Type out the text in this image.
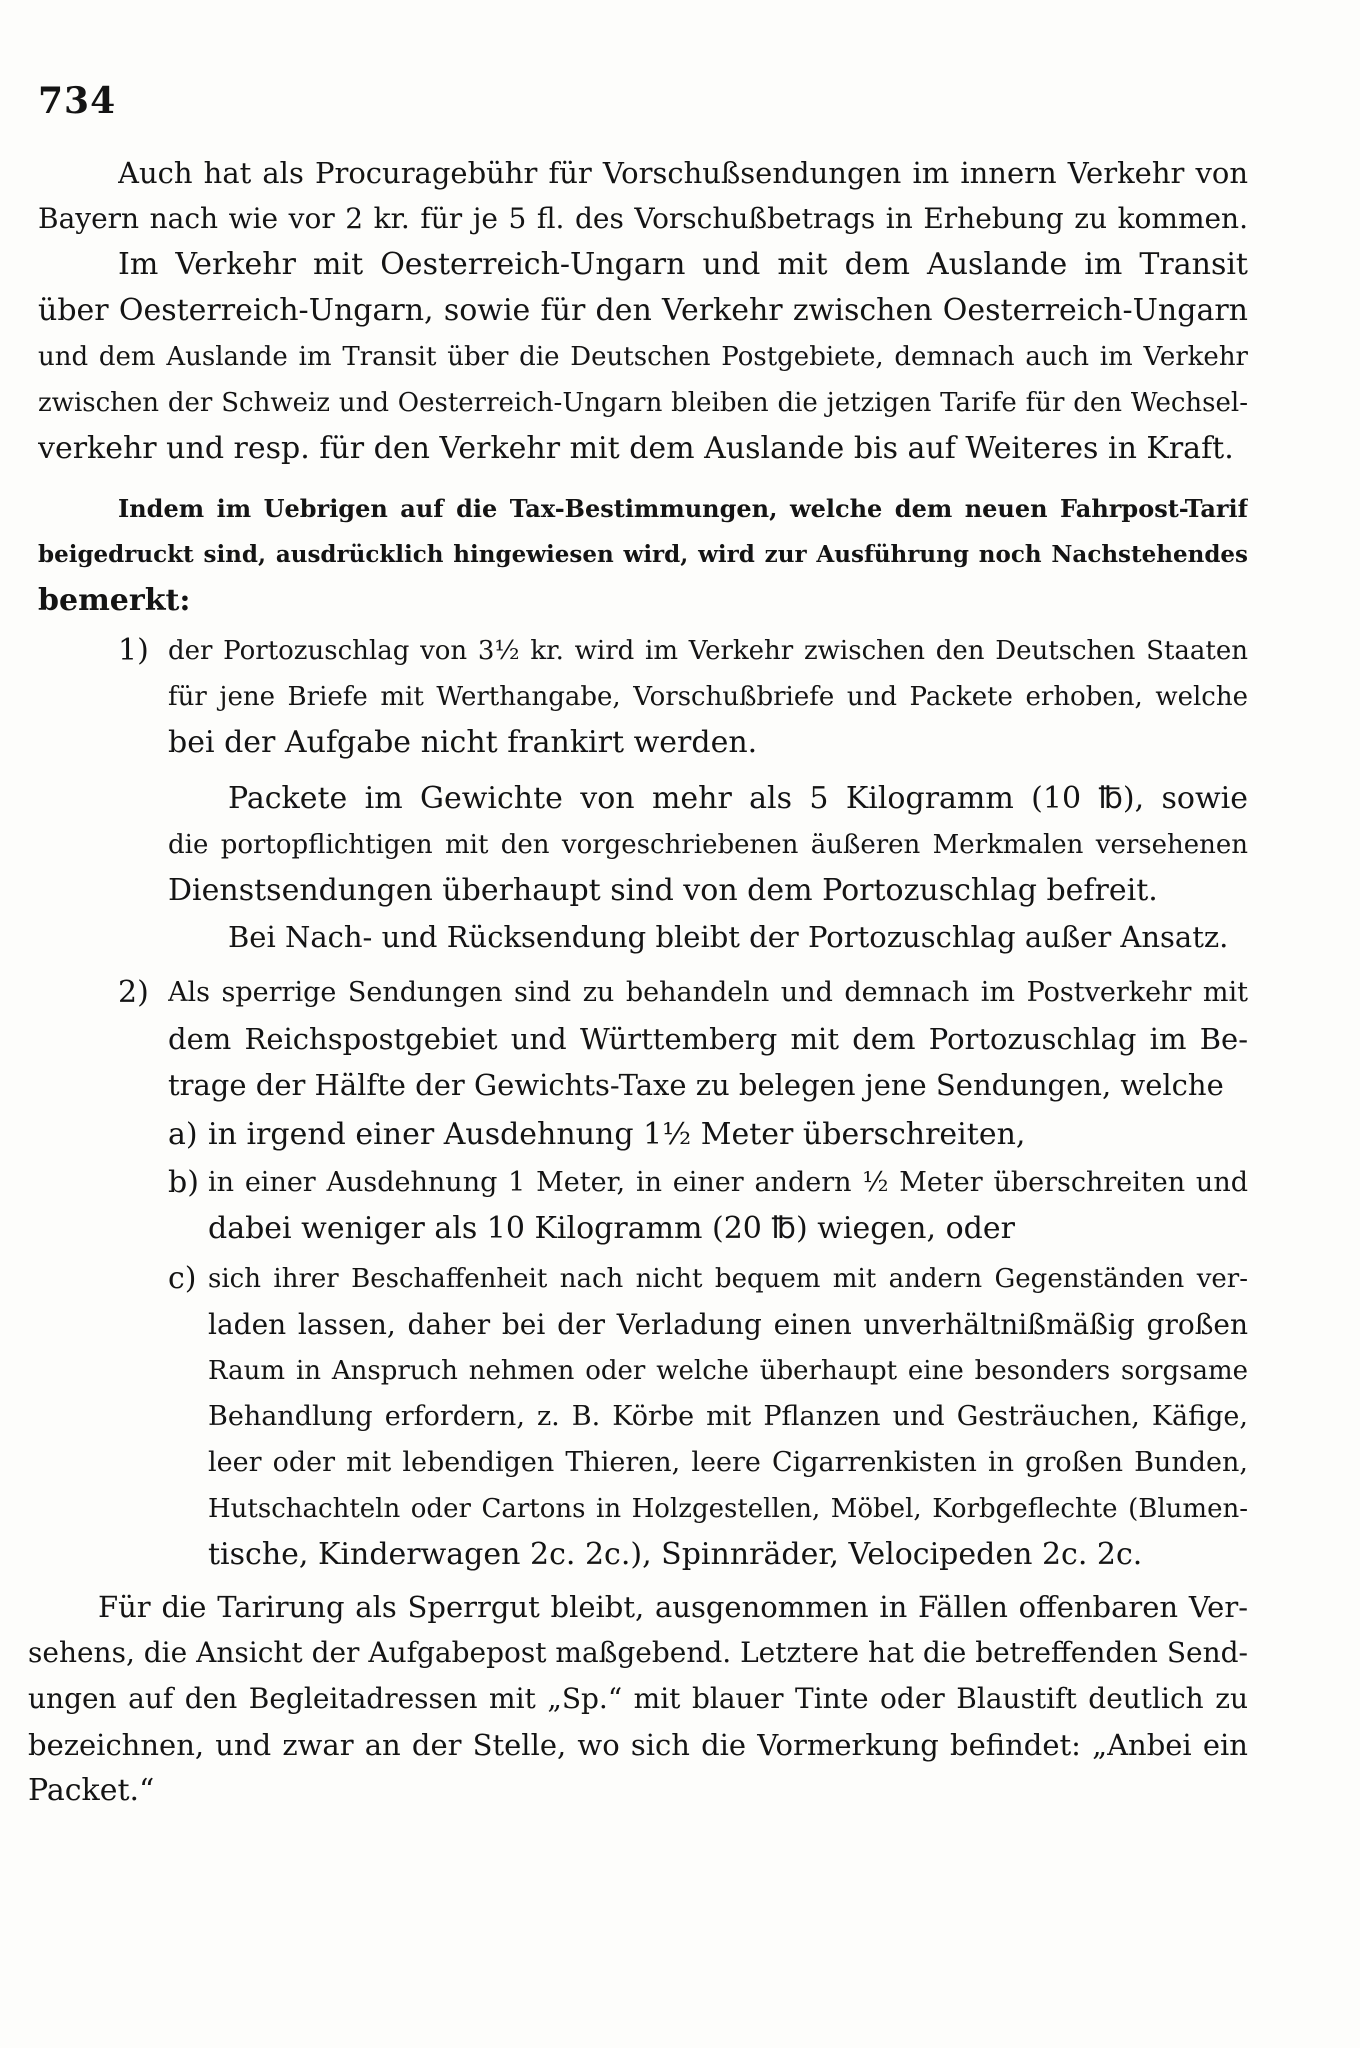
734
Auch hat als Procuragebühr für Vorschußsendungen im innern Verkehr von
Bayern nach wie vor 2 kr. für je 5 fl. des Vorschußbetrags in Erhebung zu kommen.
Im Verkehr mit Oesterreich-Ungarn und mit dem Auslande im Transit
über Oesterreich-Ungarn, sowie für den Verkehr zwischen Oesterreich-Ungarn
und dem Auslande im Transit über die Deutschen Postgebiete, demnach auch im Verkehr
zwischen der Schweiz und Oesterreich-Ungarn bleiben die jetzigen Tarife für den Wechsel-
verkehr und resp. für den Verkehr mit dem Auslande bis auf Weiteres in Kraft.
Indem im Uebrigen auf die Tax-Bestimmungen, welche dem neuen Fahrpost-Tarif
beigedruckt sind, ausdrücklich hingewiesen wird, wird zur Ausführung noch Nachstehendes
bemerkt:
1) der Portozuschlag von 3½ kr. wird im Verkehr zwischen den Deutschen Staaten
für jene Briefe mit Werthangabe, Vorschußbriefe und Packete erhoben, welche
bei der Aufgabe nicht frankirt werden.
Packete im Gewichte von mehr als 5 Kilogramm (10 ℔), sowie
die portopflichtigen mit den vorgeschriebenen äußeren Merkmalen versehenen
Dienstsendungen überhaupt sind von dem Portozuschlag befreit.
Bei Nach- und Rücksendung bleibt der Portozuschlag außer Ansatz.
2) Als sperrige Sendungen sind zu behandeln und demnach im Postverkehr mit
dem Reichspostgebiet und Württemberg mit dem Portozuschlag im Be-
trage der Hälfte der Gewichts-Taxe zu belegen jene Sendungen, welche
a) in irgend einer Ausdehnung 1½ Meter überschreiten,
b) in einer Ausdehnung 1 Meter, in einer andern ½ Meter überschreiten und
dabei weniger als 10 Kilogramm (20 ℔) wiegen, oder
c) sich ihrer Beschaffenheit nach nicht bequem mit andern Gegenständen ver-
laden lassen, daher bei der Verladung einen unverhältnißmäßig großen
Raum in Anspruch nehmen oder welche überhaupt eine besonders sorgsame
Behandlung erfordern, z. B. Körbe mit Pflanzen und Gesträuchen, Käfige,
leer oder mit lebendigen Thieren, leere Cigarrenkisten in großen Bunden,
Hutschachteln oder Cartons in Holzgestellen, Möbel, Korbgeflechte (Blumen-
tische, Kinderwagen 2c. 2c.), Spinnräder, Velocipeden 2c. 2c.
Für die Tarirung als Sperrgut bleibt, ausgenommen in Fällen offenbaren Ver-
sehens, die Ansicht der Aufgabepost maßgebend. Letztere hat die betreffenden Send-
ungen auf den Begleitadressen mit „Sp.“ mit blauer Tinte oder Blaustift deutlich zu
bezeichnen, und zwar an der Stelle, wo sich die Vormerkung befindet: „Anbei ein
Packet.“
